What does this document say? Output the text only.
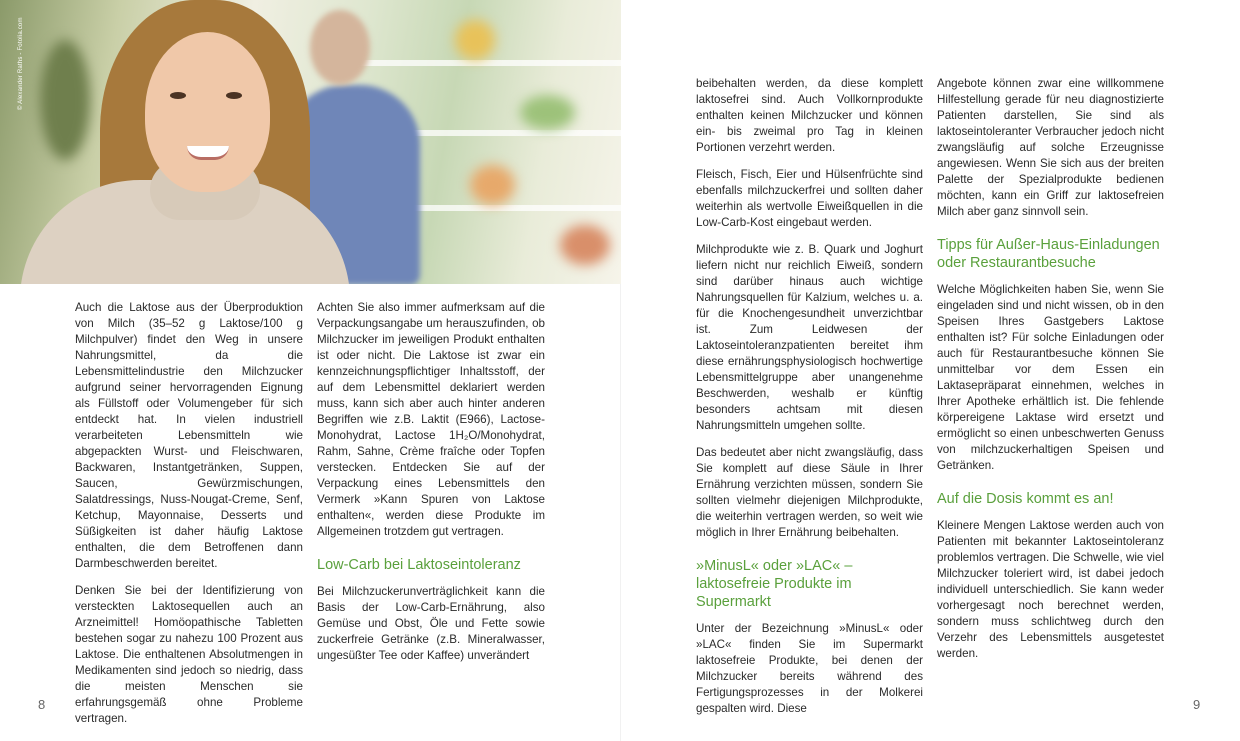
© Alexander Raths - Fotolia.com

Auch die Laktose aus der Überproduktion von Milch (35–52 g Laktose/100 g Milchpulver) findet den Weg in unsere Nahrungsmittel, da die Lebensmittelindustrie den Milchzucker aufgrund seiner hervorragenden Eignung als Füllstoff oder Volumengeber für sich entdeckt hat. In vielen industriell verarbeiteten Lebensmitteln wie abgepackten Wurst- und Fleischwaren, Backwaren, Instantgetränken, Suppen, Saucen, Gewürzmischungen, Salatdressings, Nuss-Nougat-Creme, Senf, Ketchup, Mayonnaise, Desserts und Süßigkeiten ist daher häufig Laktose enthalten, die dem Betroffenen dann Darmbeschwerden bereitet.

Denken Sie bei der Identifizierung von versteckten Laktosequellen auch an Arzneimittel! Homöopathische Tabletten bestehen sogar zu nahezu 100 Prozent aus Laktose. Die enthaltenen Absolutmengen in Medikamenten sind jedoch so niedrig, dass die meisten Menschen sie erfahrungsgemäß ohne Probleme vertragen.

Achten Sie also immer aufmerksam auf die Verpackungsangabe um herauszufinden, ob Milchzucker im jeweiligen Produkt enthalten ist oder nicht. Die Laktose ist zwar ein kennzeichnungspflichtiger Inhaltsstoff, der auf dem Lebensmittel deklariert werden muss, kann sich aber auch hinter anderen Begriffen wie z.B. Laktit (E966), Lactose-Monohydrat, Lactose 1H₂O/Monohydrat, Rahm, Sahne, Crème fraîche oder Topfen verstecken. Entdecken Sie auf der Verpackung eines Lebensmittels den Vermerk »Kann Spuren von Laktose enthalten«, werden diese Produkte im Allgemeinen trotzdem gut vertragen.

Low-Carb bei Laktoseintoleranz

Bei Milchzuckerunverträglichkeit kann die Basis der Low-Carb-Ernährung, also Gemüse und Obst, Öle und Fette sowie zuckerfreie Getränke (z.B. Mineralwasser, ungesüßter Tee oder Kaffee) unverändert

beibehalten werden, da diese komplett laktosefrei sind. Auch Vollkornprodukte enthalten keinen Milchzucker und können ein- bis zweimal pro Tag in kleinen Portionen verzehrt werden.

Fleisch, Fisch, Eier und Hülsenfrüchte sind ebenfalls milchzuckerfrei und sollten daher weiterhin als wertvolle Eiweißquellen in die Low-Carb-Kost eingebaut werden.

Milchprodukte wie z. B. Quark und Joghurt liefern nicht nur reichlich Eiweiß, sondern sind darüber hinaus auch wichtige Nahrungsquellen für Kalzium, welches u. a. für die Knochengesundheit unverzichtbar ist. Zum Leidwesen der Laktoseintoleranzpatienten bereitet ihm diese ernährungsphysiologisch hochwertige Lebensmittelgruppe aber unangenehme Beschwerden, weshalb er künftig besonders achtsam mit diesen Nahrungsmitteln umgehen sollte.

Das bedeutet aber nicht zwangsläufig, dass Sie komplett auf diese Säule in Ihrer Ernährung verzichten müssen, sondern Sie sollten vielmehr diejenigen Milchprodukte, die weiterhin vertragen werden, so weit wie möglich in Ihrer Ernährung beibehalten.

»MinusL« oder »LAC« – laktosefreie Produkte im Supermarkt

Unter der Bezeichnung »MinusL« oder »LAC« finden Sie im Supermarkt laktosefreie Produkte, bei denen der Milchzucker bereits während des Fertigungsprozesses in der Molkerei gespalten wird. Diese

Angebote können zwar eine willkommene Hilfestellung gerade für neu diagnostizierte Patienten darstellen, Sie sind als laktoseintoleranter Verbraucher jedoch nicht zwangsläufig auf solche Erzeugnisse angewiesen. Wenn Sie sich aus der breiten Palette der Spezialprodukte bedienen möchten, kann ein Griff zur laktosefreien Milch aber ganz sinnvoll sein.

Tipps für Außer-Haus-Einladungen oder Restaurantbesuche

Welche Möglichkeiten haben Sie, wenn Sie eingeladen sind und nicht wissen, ob in den Speisen Ihres Gastgebers Laktose enthalten ist? Für solche Einladungen oder auch für Restaurantbesuche können Sie unmittelbar vor dem Essen ein Laktasepräparat einnehmen, welches in Ihrer Apotheke erhältlich ist. Die fehlende körpereigene Laktase wird ersetzt und ermöglicht so einen unbeschwerten Genuss von milchzuckerhaltigen Speisen und Getränken.

Auf die Dosis kommt es an!

Kleinere Mengen Laktose werden auch von Patienten mit bekannter Laktoseintoleranz problemlos vertragen. Die Schwelle, wie viel Milchzucker toleriert wird, ist dabei jedoch individuell unterschiedlich. Sie kann weder vorhergesagt noch berechnet werden, sondern muss schlichtweg durch den Verzehr des Lebensmittels ausgetestet werden.

8	9
